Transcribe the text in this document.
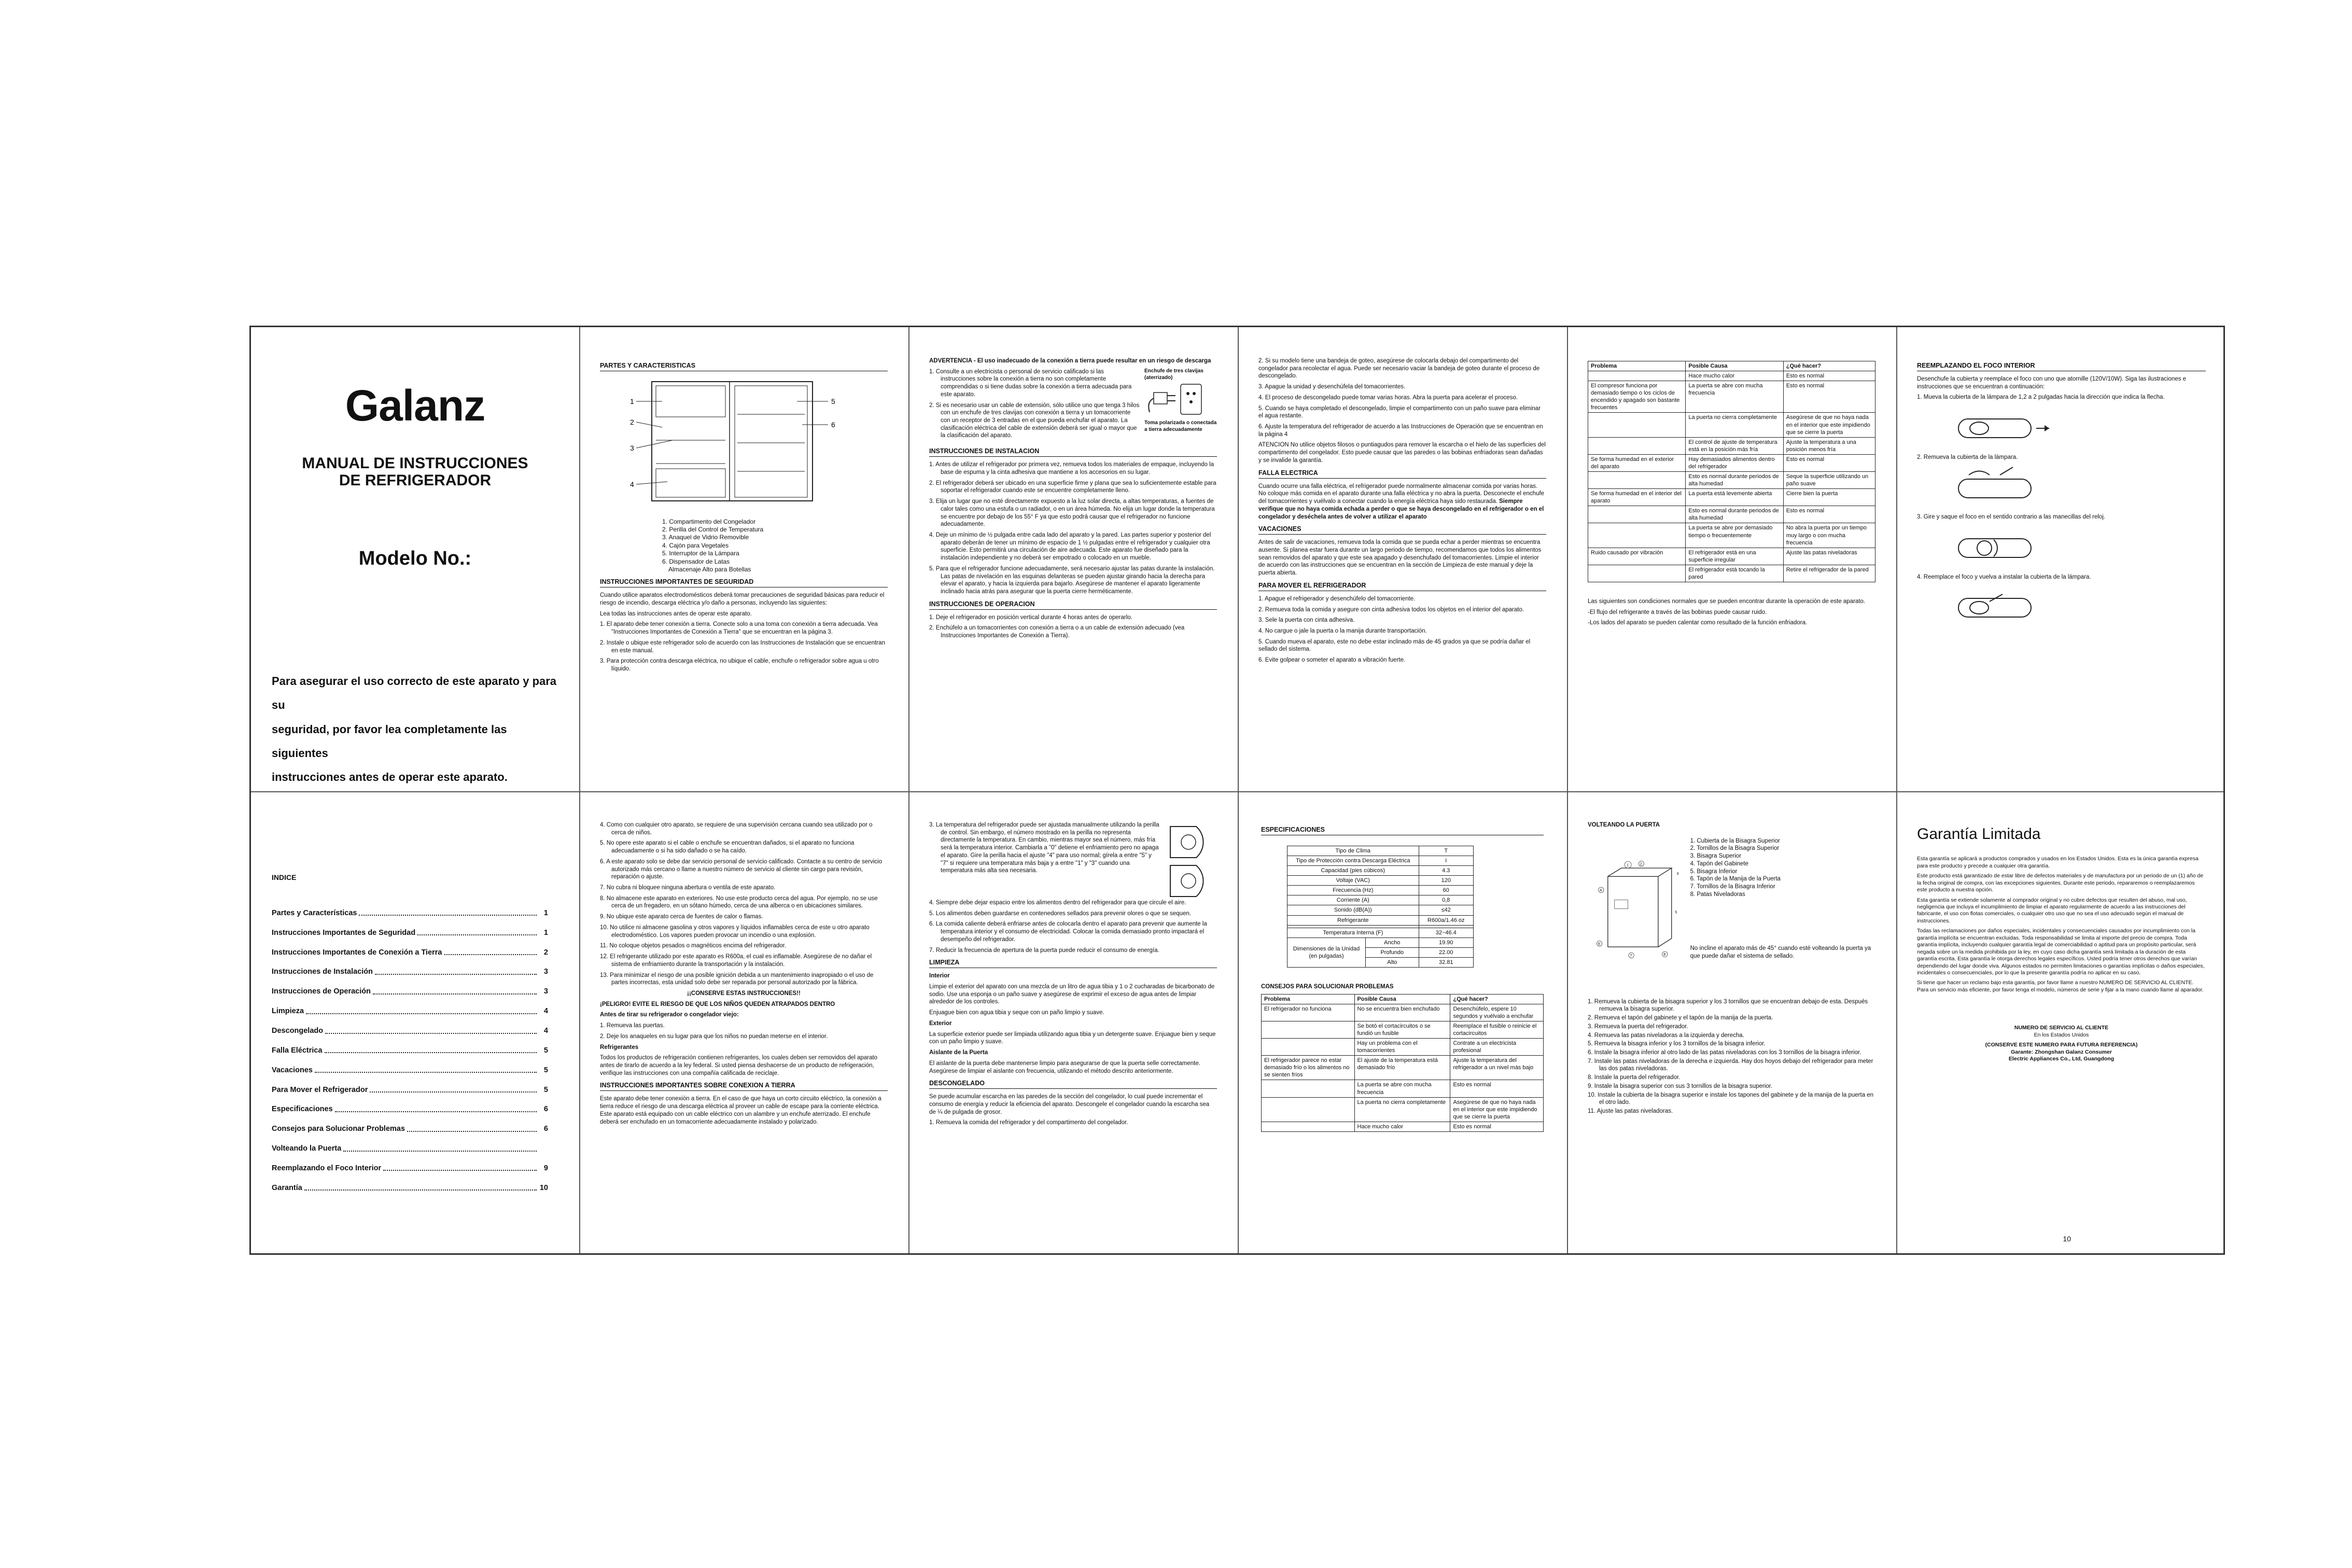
Galanz
MANUAL DE INSTRUCCIONES
DE REFRIGERADOR
Modelo No.:
Para asegurar el uso correcto de este aparato y para su
seguridad, por favor lea completamente las siguientes
instrucciones antes de operar este aparato.
PARTES Y CARACTERISTICAS
1
2
3
4
5
6
1. Compartimento del Congelador
2. Perilla del Control de Temperatura
3. Anaquel de Vidrio Removible
4. Cajón para Vegetales
5. Interruptor de la Lámpara
6. Dispensador de Latas
Almacenaje Alto para Botellas
INSTRUCCIONES IMPORTANTES DE SEGURIDAD

Cuando utilice aparatos electrodomésticos deberá tomar precauciones de seguridad básicas para reducir el riesgo de incendio, descarga eléctrica y/o daño a personas, incluyendo las siguientes:

Lea todas las instrucciones antes de operar este aparato.

1. El aparato debe tener conexión a tierra. Conecte solo a una toma con conexión a tierra adecuada. Vea "Instrucciones Importantes de Conexión a Tierra" que se encuentran en la página 3.

2. Instale o ubique este refrigerador solo de acuerdo con las Instrucciones de Instalación que se encuentran en este manual.

3. Para protección contra descarga eléctrica, no ubique el cable, enchufe o refrigerador sobre agua u otro líquido.

ADVERTENCIA - El uso inadecuado de la conexión a tierra puede resultar en un riesgo de descarga

1. Consulte a un electricista o personal de servicio calificado si las instrucciones sobre la conexión a tierra no son completamente comprendidas o si tiene dudas sobre la conexión a tierra adecuada para este aparato.

2. Si es necesario usar un cable de extensión, sólo utilice uno que tenga 3 hilos con un enchufe de tres clavijas con conexión a tierra y un tomacorriente con un receptor de 3 entradas en el que pueda enchufar el aparato. La clasificación eléctrica del cable de extensión deberá ser igual o mayor que la clasificación del aparato.

Enchufe de tres clavijas (aterrizado)
Toma polarizada o conectada a tierra adecuadamente
INSTRUCCIONES DE INSTALACION

1. Antes de utilizar el refrigerador por primera vez, remueva todos los materiales de empaque, incluyendo la base de espuma y la cinta adhesiva que mantiene a los accesorios en su lugar.

2. El refrigerador deberá ser ubicado en una superficie firme y plana que sea lo suficientemente estable para soportar el refrigerador cuando este se encuentre completamente lleno.

3. Elija un lugar que no esté directamente expuesto a la luz solar directa, a altas temperaturas, a fuentes de calor tales como una estufa o un radiador, o en un área húmeda. No elija un lugar donde la temperatura se encuentre por debajo de los 55° F ya que esto podrá causar que el refrigerador no funcione adecuadamente.

4. Deje un mínimo de ½ pulgada entre cada lado del aparato y la pared. Las partes superior y posterior del aparato deberán de tener un mínimo de espacio de 1 ½ pulgadas entre el refrigerador y cualquier otra superficie. Esto permitirá una circulación de aire adecuada. Este aparato fue diseñado para la instalación independiente y no deberá ser empotrado o colocado en un mueble.

5. Para que el refrigerador funcione adecuadamente, será necesario ajustar las patas durante la instalación. Las patas de nivelación en las esquinas delanteras se pueden ajustar girando hacia la derecha para elevar el aparato, y hacia la izquierda para bajarlo. Asegúrese de mantener el aparato ligeramente inclinado hacia atrás para asegurar que la puerta cierre herméticamente.

INSTRUCCIONES DE OPERACION

1. Deje el refrigerador en posición vertical durante 4 horas antes de operarlo.

2. Enchúfelo a un tomacorrientes con conexión a tierra o a un cable de extensión adecuado (vea Instrucciones Importantes de Conexión a Tierra).

2. Si su modelo tiene una bandeja de goteo, asegúrese de colocarla debajo del compartimento del congelador para recolectar el agua. Puede ser necesario vaciar la bandeja de goteo durante el proceso de descongelado.

3. Apague la unidad y desenchúfela del tomacorrientes.

4. El proceso de descongelado puede tomar varias horas. Abra la puerta para acelerar el proceso.

5. Cuando se haya completado el descongelado, limpie el compartimento con un paño suave para eliminar el agua restante.

6. Ajuste la temperatura del refrigerador de acuerdo a las Instrucciones de Operación que se encuentran en la página 4

ATENCION No utilice objetos filosos o puntiagudos para remover la escarcha o el hielo de las superficies del compartimento del congelador. Esto puede causar que las paredes o las bobinas enfriadoras sean dañadas y se invalide la garantía.

FALLA ELECTRICA

Cuando ocurre una falla eléctrica, el refrigerador puede normalmente almacenar comida por varias horas. No coloque más comida en el aparato durante una falla eléctrica y no abra la puerta. Desconecte el enchufe del tomacorrientes y vuélvalo a conectar cuando la energía eléctrica haya sido restaurada. Siempre verifique que no haya comida echada a perder o que se haya descongelado en el refrigerador o en el congelador y deséchela antes de volver a utilizar el aparato

VACACIONES

Antes de salir de vacaciones, remueva toda la comida que se pueda echar a perder mientras se encuentra ausente. Si planea estar fuera durante un largo periodo de tiempo, recomendamos que todos los alimentos sean removidos del aparato y que este sea apagado y desenchufado del tomacorrientes. Limpie el interior de acuerdo con las instrucciones que se encuentran en la sección de Limpieza de este manual y deje la puerta abierta.

PARA MOVER EL REFRIGERADOR

1. Apague el refrigerador y desenchúfelo del tomacorriente.

2. Remueva toda la comida y asegure con cinta adhesiva todos los objetos en el interior del aparato.

3. Sele la puerta con cinta adhesiva.

4. No cargue o jale la puerta o la manija durante transportación.

5. Cuando mueva el aparato, este no debe estar inclinado más de 45 grados ya que se podría dañar el sellado del sistema.

6. Evite golpear o someter el aparato a vibración fuerte.

Problema	Posible Causa	¿Qué hacer?
	Hace mucho calor	Esto es normal
El compresor funciona por demasiado tiempo o los ciclos de encendido y apagado son bastante frecuentes	La puerta se abre con mucha frecuencia	Esto es normal
	La puerta no cierra completamente	Asegúrese de que no haya nada en el interior que este impidiendo que se cierre la puerta
	El control de ajuste de temperatura está en la posición más fría	Ajuste la temperatura a una posición menos fría
Se forma humedad en el exterior del aparato	Hay demasiados alimentos dentro del refrigerador	Esto es normal
	Esto es normal durante periodos de alta humedad	Seque la superficie utilizando un paño suave
Se forma humedad en el interior del aparato	La puerta está levemente abierta	Cierre bien la puerta
	Esto es normal durante periodos de alta humedad	Esto es normal
	La puerta se abre por demasiado tiempo o frecuentemente	No abra la puerta por un tiempo muy largo o con mucha frecuencia
Ruido causado por vibración	El refrigerador está en una superficie irregular	Ajuste las patas niveladoras
	El refrigerador está tocando la pared	Retire el refrigerador de la pared

Las siguientes son condiciones normales que se pueden encontrar durante la operación de este aparato.

-El flujo del refrigerante a través de las bobinas puede causar ruido.

-Los lados del aparato se pueden calentar como resultado de la función enfriadora.

REEMPLAZANDO EL FOCO INTERIOR

Desenchufe la cubierta y reemplace el foco con uno que atornille (120V/10W). Siga las ilustraciones e instrucciones que se encuentran a continuación:

1. Mueva la cubierta de la lámpara de 1,2 a 2 pulgadas hacia la dirección que indica la flecha.

2. Remueva la cubierta de la lámpara.

3. Gire y saque el foco en el sentido contrario a las manecillas del reloj.

4. Reemplace el foco y vuelva a instalar la cubierta de la lámpara.

INDICE
Partes y Características	1
Instrucciones Importantes de Seguridad	1
Instrucciones Importantes de Conexión a Tierra	2
Instrucciones de Instalación	3
Instrucciones de Operación	3
Limpieza	4
Descongelado	4
Falla Eléctrica	5
Vacaciones	5
Para Mover el Refrigerador	5
Especificaciones	6
Consejos para Solucionar Problemas	6
Volteando la Puerta
Reemplazando el Foco Interior	9
Garantía	10

4. Como con cualquier otro aparato, se requiere de una supervisión cercana cuando sea utilizado por o cerca de niños.

5. No opere este aparato si el cable o enchufe se encuentran dañados, si el aparato no funciona adecuadamente o si ha sido dañado o se ha caído.

6. A este aparato solo se debe dar servicio personal de servicio calificado. Contacte a su centro de servicio autorizado más cercano o llame a nuestro número de servicio al cliente sin cargo para revisión, reparación o ajuste.

7. No cubra ni bloquee ninguna abertura o ventila de este aparato.

8. No almacene este aparato en exteriores. No use este producto cerca del agua. Por ejemplo, no se use cerca de un fregadero, en un sótano húmedo, cerca de una alberca o en ubicaciones similares.

9. No ubique este aparato cerca de fuentes de calor o flamas.

10. No utilice ni almacene gasolina y otros vapores y líquidos inflamables cerca de este u otro aparato electrodoméstico. Los vapores pueden provocar un incendio o una explosión.

11. No coloque objetos pesados o magnéticos encima del refrigerador.

12. El refrigerante utilizado por este aparato es R600a, el cual es inflamable. Asegúrese de no dañar el sistema de enfriamiento durante la transportación y la instalación.

13. Para minimizar el riesgo de una posible ignición debida a un mantenimiento inapropiado o el uso de partes incorrectas, esta unidad solo debe ser reparada por personal autorizado por la fábrica.

¡¡CONSERVE ESTAS INSTRUCCIONES!!

¡PELIGRO! EVITE EL RIESGO DE QUE LOS NIÑOS QUEDEN ATRAPADOS DENTRO

Antes de tirar su refrigerador o congelador viejo:

1. Remueva las puertas.

2. Deje los anaqueles en su lugar para que los niños no puedan meterse en el interior.

Refrigerantes

Todos los productos de refrigeración contienen refrigerantes, los cuales deben ser removidos del aparato antes de tirarlo de acuerdo a la ley federal. Si usted piensa deshacerse de un producto de refrigeración, verifique las instrucciones con una compañía calificada de reciclaje.

INSTRUCCIONES IMPORTANTES SOBRE CONEXION A TIERRA

Este aparato debe tener conexión a tierra. En el caso de que haya un corto circuito eléctrico, la conexión a tierra reduce el riesgo de una descarga eléctrica al proveer un cable de escape para la corriente eléctrica. Este aparato está equipado con un cable eléctrico con un alambre y un enchufe aterrizado. El enchufe deberá ser enchufado en un tomacorriente adecuadamente instalado y polarizado.

3. La temperatura del refrigerador puede ser ajustada manualmente utilizando la perilla de control. Sin embargo, el número mostrado en la perilla no representa directamente la temperatura. En cambio, mientras mayor sea el número, más fría será la temperatura interior. Cambiarla a "0" detiene el enfriamiento pero no apaga el aparato. Gire la perilla hacia el ajuste "4" para uso normal; gírela a entre "5" y "7" si requiere una temperatura más baja y a entre "1" y "3" cuando una temperatura más alta sea necesaria.

4. Siempre debe dejar espacio entre los alimentos dentro del refrigerador para que circule el aire.

5. Los alimentos deben guardarse en contenedores sellados para prevenir olores o que se sequen.

6. La comida caliente deberá enfriarse antes de colocarla dentro el aparato para prevenir que aumente la temperatura interior y el consumo de electricidad. Colocar la comida demasiado pronto impactará el desempeño del refrigerador.

7. Reducir la frecuencia de apertura de la puerta puede reducir el consumo de energía.

LIMPIEZA

Interior

Limpie el exterior del aparato con una mezcla de un litro de agua tibia y 1 o 2 cucharadas de bicarbonato de sodio. Use una esponja o un paño suave y asegúrese de exprimir el exceso de agua antes de limpiar alrededor de los controles.

Enjuague bien con agua tibia y seque con un paño limpio y suave.

Exterior

La superficie exterior puede ser limpiada utilizando agua tibia y un detergente suave. Enjuague bien y seque con un paño limpio y suave.

Aislante de la Puerta

El aislante de la puerta debe mantenerse limpio para asegurarse de que la puerta selle correctamente. Asegúrese de limpiar el aislante con frecuencia, utilizando el método descrito anteriormente.

DESCONGELADO

Se puede acumular escarcha en las paredes de la sección del congelador, lo cual puede incrementar el consumo de energía y reducir la eficiencia del aparato. Descongele el congelador cuando la escarcha sea de ¼ de pulgada de grosor.

1. Remueva la comida del refrigerador y del compartimento del congelador.

ESPECIFICACIONES
Tipo de Clima		T
Tipo de Protección contra Descarga Eléctrica		I
Capacidad (pies cúbicos)		4.3
Voltaje (VAC)		120
Frecuencia (Hz)		60
Corriente (A)		0,8
Sonido (dB(A))		≤42
Refrigerante		R600a/1.46 oz

Temperatura Interna (F)		32~46.4

Dimensiones de la Unidad
(en pulgadas)	Ancho	19.90
	Profundo	22.00
	Alto	32.81

CONSEJOS PARA SOLUCIONAR PROBLEMAS

Problema	Posible Causa	¿Qué hacer?
El refrigerador no funciona	No se encuentra bien enchufado	Desenchúfelo, espere 10 segundos y vuélvalo a enchufar
	Se botó el cortacircuitos o se fundió un fusible	Reemplace el fusible o reinicie el cortacircuitos
	Hay un problema con el tomacorrientes	Contrate a un electricista profesional
El refrigerador parece no estar demasiado frío o los alimentos no se sienten fríos	El ajuste de la temperatura está demasiado frío	Ajuste la temperatura del refrigerador a un nivel más bajo
	La puerta se abre con mucha frecuencia	Esto es normal
	La puerta no cierra completamente	Asegúrese de que no haya nada en el interior que este impidiendo que se cierre la puerta
	Hace mucho calor	Esto es normal

VOLTEANDO LA PUERTA

1 2
3
4
5
6
7	8
1. Cubierta de la Bisagra Superior
2. Tornillos de la Bisagra Superior
3. Bisagra Superior
4. Tapón del Gabinete
5. Bisagra Inferior
6. Tapón de la Manija de la Puerta
7. Tornillos de la Bisagra Inferior
8. Patas Niveladoras

No incline el aparato más de 45° cuando esté volteando la puerta ya que puede dañar el sistema de sellado.

1. Remueva la cubierta de la bisagra superior y los 3 tornillos que se encuentran debajo de esta. Después remueva la bisagra superior.

2. Remueva el tapón del gabinete y el tapón de la manija de la puerta.

3. Remueva la puerta del refrigerador.

4. Remueva las patas niveladoras a la izquierda y derecha.

5. Remueva la bisagra inferior y los 3 tornillos de la bisagra inferior.

6. Instale la bisagra inferior al otro lado de las patas niveladoras con los 3 tornillos de la bisagra inferior.

7. Instale las patas niveladoras de la derecha e izquierda. Hay dos hoyos debajo del refrigerador para meter las dos patas niveladoras.

8. Instale la puerta del refrigerador.

9. Instale la bisagra superior con sus 3 tornillos de la bisagra superior.

10. Instale la cubierta de la bisagra superior e instale los tapones del gabinete y de la manija de la puerta en el otro lado.

11. Ajuste las patas niveladoras.

Garantía Limitada

Esta garantía se aplicará a productos comprados y usados en los Estados Unidos. Esta es la única garantía expresa para este producto y precede a cualquier otra garantía.

Este producto está garantizado de estar libre de defectos materiales y de manufactura por un periodo de un (1) año de la fecha original de compra, con las excepciones siguientes. Durante este periodo, repararemos o reemplazaremos este producto a nuestra opción.

Esta garantía se extiende solamente al comprador original y no cubre defectos que resulten del abuso, mal uso, negligencia que incluya el incumplimiento de limpiar el aparato regularmente de acuerdo a las instrucciones del fabricante, el uso con flotas comerciales, o cualquier otro uso que no sea el uso adecuado según el manual de instrucciones.

Todas las reclamaciones por daños especiales, incidentales y consecuenciales causados por incumplimiento con la garantía implícita se encuentran excluidas. Toda responsabilidad se limita al importe del precio de compra. Toda garantía implícita, incluyendo cualquier garantía legal de comerciabilidad o aptitud para un propósito particular, será negada sobre un la medida prohibida por la ley, en cuyo caso dicha garantía será limitada a la duración de esta garantía escrita. Esta garantía le otorga derechos legales específicos. Usted podría tener otros derechos que varían dependiendo del lugar donde viva. Algunos estados no permiten limitaciones o garantías implícitas o daños especiales, incidentales o consecuenciales, por lo que la presente garantía podría no aplicar en su caso.

Si tiene que hacer un reclamo bajo esta garantía, por favor llame a nuestro NUMERO DE SERVICIO AL CLIENTE. Para un servicio más eficiente, por favor tenga el modelo, números de serie y fijar a la mano cuando llame al aparador.

NUMERO DE SERVICIO AL CLIENTE
En los Estados Unidos
(CONSERVE ESTE NUMERO PARA FUTURA REFERENCIA)
Garante: Zhongshan Galanz Consumer
Electric Appliances Co., Ltd, Guangdong
10
